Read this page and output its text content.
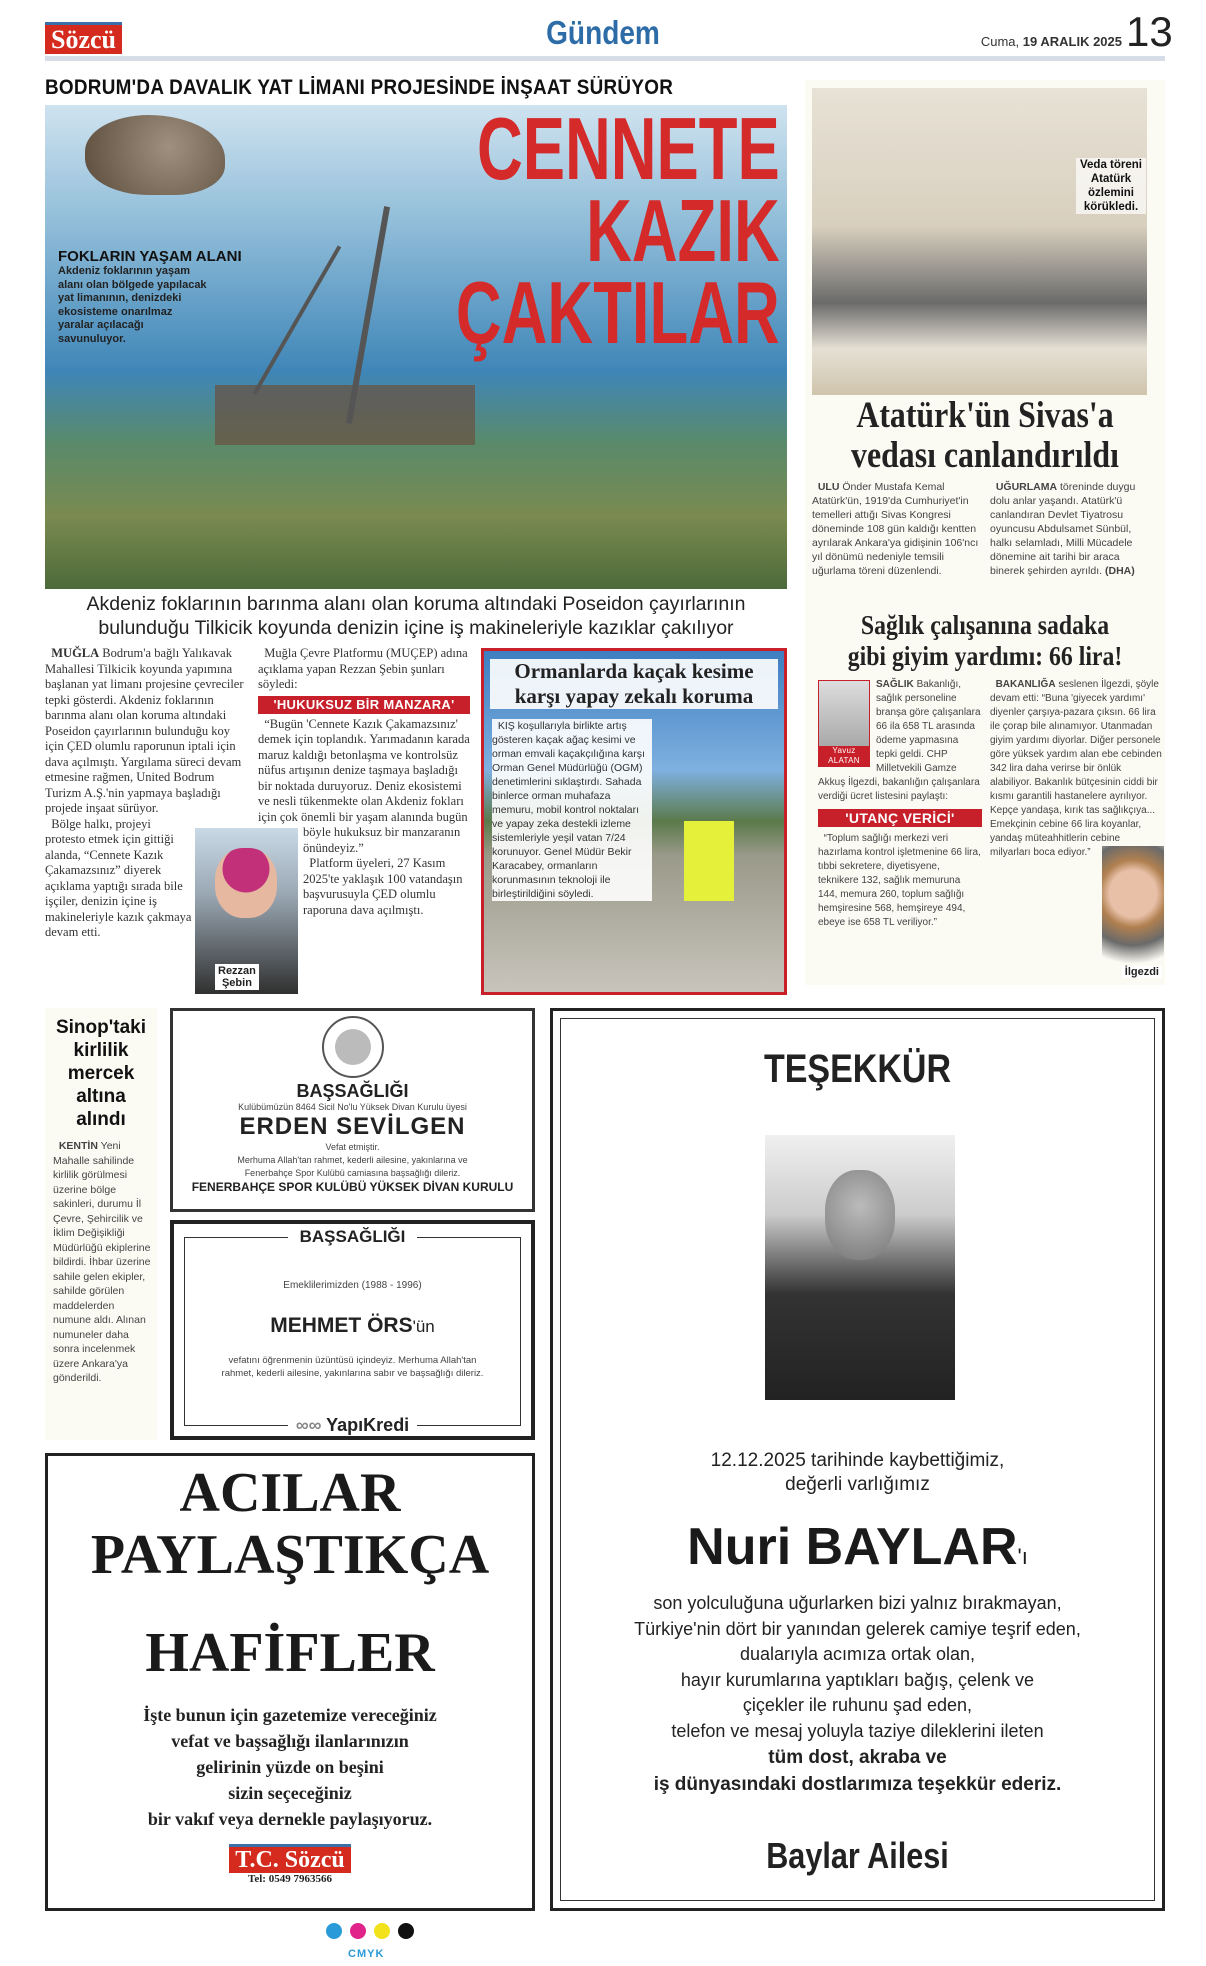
Sözcü	Gündem	Cuma, 19 ARALIK 2025 13
BODRUM'DA DAVALIK YAT LİMANI PROJESİNDE İNŞAAT SÜRÜYOR
CENNETE
KAZIK
ÇAKTILAR
FOKLARIN YAŞAM ALANI
Akdeniz foklarının yaşam alanı olan bölgede yapılacak yat limanının, denizdeki ekosisteme onarılmaz yaralar açılacağı savunuluyor.
Akdeniz foklarının barınma alanı olan koruma altındaki Poseidon çayırlarının
bulunduğu Tilkicik koyunda denizin içine iş makineleriyle kazıklar çakılıyor

MUĞLA Bodrum'a bağlı Yalıkavak Mahallesi Tilkicik koyunda yapımına başlanan yat limanı projesine çevreciler tepki gösterdi. Akdeniz foklarının barınma alanı olan koruma altındaki Poseidon çayırlarının bulunduğu koy için ÇED olumlu raporunun iptali için dava açılmıştı. Yargılama süreci devam etmesine rağmen, United Bodrum Turizm A.Ş.'nin yapmaya başladığı projede inşaat sürüyor.

Bölge halkı, projeyi protesto etmek için gittiği alanda, “Cennete Kazık Çakamazsınız” diyerek açıklama yaptığı sırada bile işçiler, denizin içine iş makineleriyle kazık çakmaya devam etti.

Muğla Çevre Platformu (MUÇEP) adına açıklama yapan Rezzan Şebin şunları söyledi:

'HUKUKSUZ BİR MANZARA'

“Bugün 'Cennete Kazık Çakamazsınız' demek için toplandık. Yarımadanın karada maruz kaldığı betonlaşma ve kontrolsüz nüfus artışının denize taşmaya başladığı bir noktada duruyoruz. Deniz ekosistemi ve nesli tükenmekte olan Akdeniz fokları için çok önemli bir yaşam alanında bugün böyle hukuksuz bir manzaranın önündeyiz.”

Platform üyeleri, 27 Kasım 2025'te yaklaşık 100 vatandaşın başvurusuyla ÇED olumlu raporuna dava açılmıştı.

Rezzan
Şebin
Ormanlarda kaçak kesime karşı yapay zekalı koruma
KIŞ koşullarıyla birlikte artış gösteren kaçak ağaç kesimi ve orman emvali kaçakçılığına karşı Orman Genel Müdürlüğü (OGM) denetimlerini sıklaştırdı. Sahada binlerce orman muhafaza memuru, mobil kontrol noktaları ve yapay zeka destekli izleme sistemleriyle yeşil vatan 7/24 korunuyor. Genel Müdür Bekir Karacabey, ormanların korunmasının teknoloji ile birleştirildiğini söyledi.
Veda töreni Atatürk özlemini körükledi.
Atatürk'ün Sivas'a
vedası canlandırıldı
ULU Önder Mustafa Kemal Atatürk'ün, 1919'da Cumhuriyet'in temelleri attığı Sivas Kongresi döneminde 108 gün kaldığı kentten ayrılarak Ankara'ya gidişinin 106'ncı yıl dönümü nedeniyle temsili uğurlama töreni düzenlendi.
UĞURLAMA töreninde duygu dolu anlar yaşandı. Atatürk'ü canlandıran Devlet Tiyatrosu oyuncusu Abdulsamet Sünbül, halkı selamladı, Milli Mücadele dönemine ait tarihi bir araca binerek şehirden ayrıldı. (DHA)
Sağlık çalışanına sadaka
gibi giyim yardımı: 66 lira!
Yavuz
ALATAN

SAĞLIK Bakanlığı, sağlık personeline branşa göre çalışanlara 66 ila 658 TL arasında ödeme yapmasına tepki geldi. CHP Milletvekili Gamze Akkuş İlgezdi, bakanlığın çalışanlara verdiği ücret listesini paylaştı:

'UTANÇ VERİCİ'

“Toplum sağlığı merkezi veri hazırlama kontrol işletmenine 66 lira, tıbbi sekretere, diyetisyene, teknikere 132, sağlık memuruna 144, memura 260, toplum sağlığı hemşiresine 568, hemşireye 494, ebeye ise 658 TL veriliyor.”

BAKANLIĞA seslenen İlgezdi, şöyle devam etti: “Buna 'giyecek yardımı' diyenler çarşıya-pazara çıksın. 66 lira ile çorap bile alınamıyor. Utanmadan giyim yardımı diyorlar. Diğer personele göre yüksek yardım alan ebe cebinden 342 lira daha verirse bir önlük alabiliyor. Bakanlık bütçesinin ciddi bir kısmı garantili hastanelere ayrılıyor. Kepçe yandaşa, kırık tas sağlıkçıya... Emekçinin cebine 66 lira koyanlar, yandaş müteahhitlerin cebine milyarları boca ediyor.”
İlgezdi
Sinop'taki kirlilik mercek altına alındı
KENTİN Yeni Mahalle sahilinde kirlilik görülmesi üzerine bölge sakinleri, durumu İl Çevre, Şehircilik ve İklim Değişikliği Müdürlüğü ekiplerine bildirdi. İhbar üzerine sahile gelen ekipler, sahilde görülen maddelerden numune aldı. Alınan numuneler daha sonra incelenmek üzere Ankara'ya gönderildi.
BAŞSAĞLIĞI
Kulübümüzün 8464 Sicil No'lu Yüksek Divan Kurulu üyesi
ERDEN SEVİLGEN
Vefat etmiştir.
Merhuma Allah'tan rahmet, kederli ailesine, yakınlarına ve
Fenerbahçe Spor Kulübü camiasına başsağlığı dileriz.
FENERBAHÇE SPOR KULÜBÜ YÜKSEK DİVAN KURULU
BAŞSAĞLIĞI
Emeklilerimizden (1988 - 1996)
MEHMET ÖRS'ün
vefatını öğrenmenin üzüntüsü içindeyiz. Merhuma Allah'tan
rahmet, kederli ailesine, yakınlarına sabır ve başsağlığı dileriz.
∞∞ YapıKredi
ACILAR
PAYLAŞTIKÇA
HAFİFLER
İşte bunun için gazetemize vereceğiniz
vefat ve başsağlığı ilanlarınızın
gelirinin yüzde on beşini
sizin seçeceğiniz
bir vakıf veya dernekle paylaşıyoruz.
T.C. Sözcü
Tel: 0549 7963566
TEŞEKKÜR
12.12.2025 tarihinde kaybettiğimiz,
değerli varlığımız
Nuri BAYLAR'ı
son yolculuğuna uğurlarken bizi yalnız bırakmayan,
Türkiye'nin dört bir yanından gelerek camiye teşrif eden,
dualarıyla acımıza ortak olan,
hayır kurumlarına yaptıkları bağış, çelenk ve
çiçekler ile ruhunu şad eden,
telefon ve mesaj yoluyla taziye dileklerini ileten
tüm dost, akraba ve
iş dünyasındaki dostlarımıza teşekkür ederiz.
Baylar Ailesi
CMYK
